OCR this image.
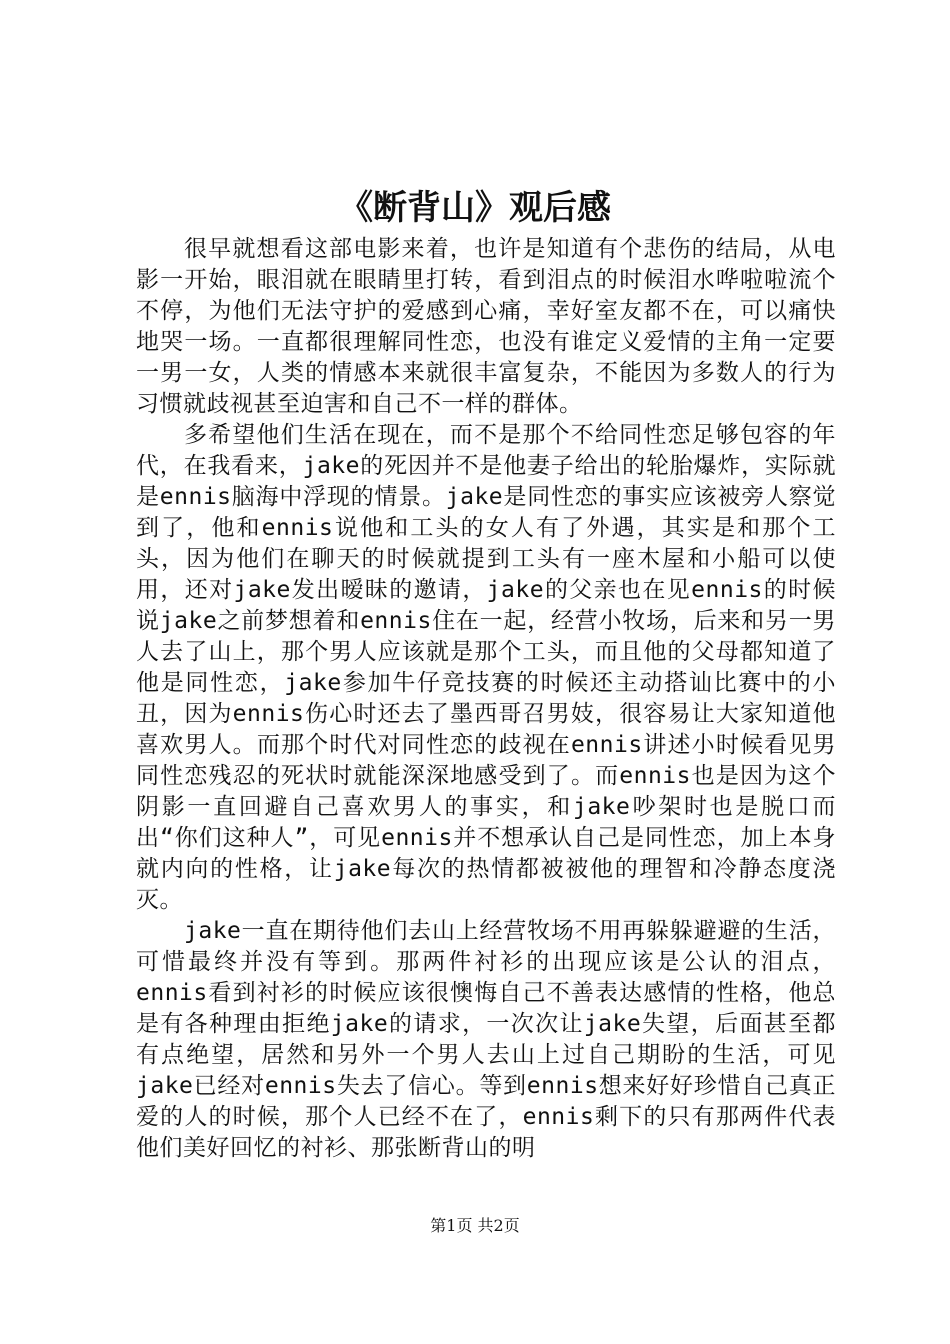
《断背山》观后感

很早就想看这部电影来着，也许是知道有个悲伤的结局，从电影一开始，眼泪就在眼睛里打转，看到泪点的时候泪水哗啦啦流个不停，为他们无法守护的爱感到心痛，幸好室友都不在，可以痛快地哭一场。一直都很理解同性恋，也没有谁定义爱情的主角一定要一男一女，人类的情感本来就很丰富复杂，不能因为多数人的行为习惯就歧视甚至迫害和自己不一样的群体。

多希望他们生活在现在，而不是那个不给同性恋足够包容的年代，在我看来，jake的死因并不是他妻子给出的轮胎爆炸，实际就是ennis脑海中浮现的情景。jake是同性恋的事实应该被旁人察觉到了，他和ennis说他和工头的女人有了外遇，其实是和那个工头，因为他们在聊天的时候就提到工头有一座木屋和小船可以使用，还对jake发出暧昧的邀请，jake的父亲也在见ennis的时候说jake之前梦想着和ennis住在一起，经营小牧场，后来和另一男人去了山上，那个男人应该就是那个工头，而且他的父母都知道了他是同性恋，jake参加牛仔竞技赛的时候还主动搭讪比赛中的小丑，因为ennis伤心时还去了墨西哥召男妓，很容易让大家知道他喜欢男人。而那个时代对同性恋的歧视在ennis讲述小时候看见男同性恋残忍的死状时就能深深地感受到了。而ennis也是因为这个阴影一直回避自己喜欢男人的事实，和jake吵架时也是脱口而出“你们这种人”，可见ennis并不想承认自己是同性恋，加上本身就内向的性格，让jake每次的热情都被被他的理智和冷静态度浇灭。

jake一直在期待他们去山上经营牧场不用再躲躲避避的生活，可惜最终并没有等到。那两件衬衫的出现应该是公认的泪点，ennis看到衬衫的时候应该很懊悔自己不善表达感情的性格，他总是有各种理由拒绝jake的请求，一次次让jake失望，后面甚至都有点绝望，居然和另外一个男人去山上过自己期盼的生活，可见jake已经对ennis失去了信心。等到ennis想来好好珍惜自己真正爱的人的时候，那个人已经不在了，ennis剩下的只有那两件代表他们美好回忆的衬衫、那张断背山的明

第1页 共2页
